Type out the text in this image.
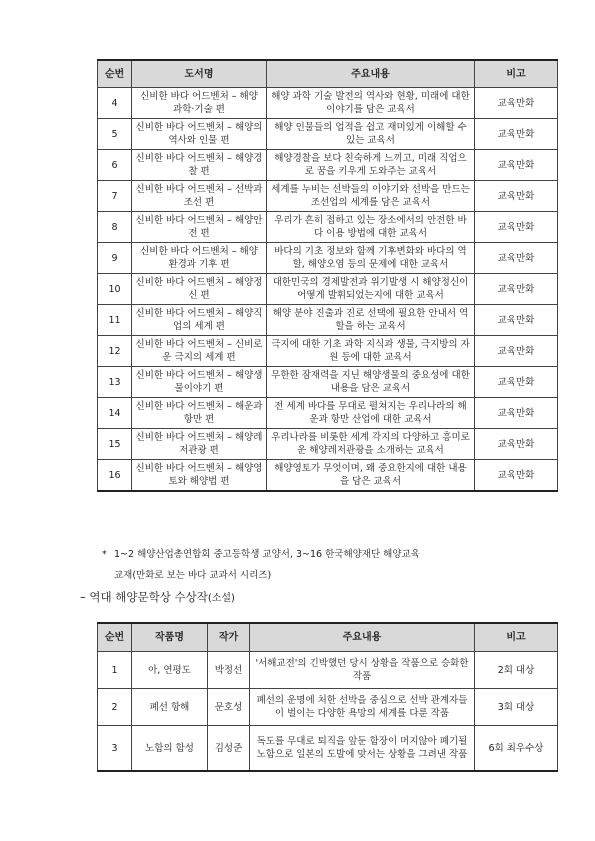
순번	도서명	주요내용	비고
4	신비한 바다 어드벤처 – 해양 과학·기술 편	해양 과학 기술 발전의 역사와 현황, 미래에 대한 이야기를 담은 교육서	교육만화
5	신비한 바다 어드벤처 – 해양의 역사와 인물 편	해양 인물들의 업적을 쉽고 재미있게 이해할 수 있는 교육서	교육만화
6	신비한 바다 어드벤처 – 해양경찰 편	해양경찰을 보다 친숙하게 느끼고, 미래 직업으로 꿈을 키우게 도와주는 교육서	교육만화
7	신비한 바다 어드벤처 – 선박과 조선 편	세계를 누비는 선박들의 이야기와 선박을 만드는 조선업의 세계를 담은 교육서	교육만화
8	신비한 바다 어드벤처 – 해양안전 편	우리가 흔히 접하고 있는 장소에서의 안전한 바다 이용 방법에 대한 교육서	교육만화
9	신비한 바다 어드벤처 – 해양 환경과 기후 편	바다의 기초 정보와 함께 기후변화와 바다의 역할, 해양오염 등의 문제에 대한 교육서	교육만화
10	신비한 바다 어드벤처 – 해양정신 편	대한민국의 경제발전과 위기발생 시 해양정신이 어떻게 발휘되었는지에 대한 교육서	교육만화
11	신비한 바다 어드벤처 – 해양직업의 세계 편	해양 분야 진출과 진로 선택에 필요한 안내서 역할을 하는 교육서	교육만화
12	신비한 바다 어드벤처 – 신비로운 극지의 세계 편	극지에 대한 기초 과학 지식과 생물, 극지방의 자원 등에 대한 교육서	교육만화
13	신비한 바다 어드벤처 – 해양생물이야기 편	무한한 잠재력을 지닌 해양생물의 중요성에 대한 내용을 담은 교육서	교육만화
14	신비한 바다 어드벤처 – 해운과 항만 편	전 세계 바다를 무대로 펼쳐지는 우리나라의 해운과 항만 산업에 대한 교육서	교육만화
15	신비한 바다 어드벤처 – 해양레저관광 편	우리나라를 비롯한 세계 각지의 다양하고 흥미로운 해양레저관광을 소개하는 교육서	교육만화
16	신비한 바다 어드벤처 – 해양영토와 해양법 편	해양영토가 무엇이며, 왜 중요한지에 대한 내용을 담은 교육서	교육만화
* 1~2 해양산업총연합회 중고등학생 교양서, 3~16 한국해양재단 해양교육
교재(만화로 보는 바다 교과서 시리즈)
– 역대 해양문학상 수상작(소설)
순번	작품명	작가	주요내용	비고
1	아, 연평도	박정선	'서해교전'의 긴박했던 당시 상황을 작품으로 승화한 작품	2회 대상
2	폐선 항해	문호성	폐선의 운명에 처한 선박을 중심으로 선박 관계자들이 벌이는 다양한 욕망의 세계를 다룬 작품	3회 대상
3	노함의 함성	김성준	독도를 무대로 퇴직을 앞둔 함장이 머지않아 폐기될 노함으로 일본의 도발에 맞서는 상황을 그려낸 작품	6회 최우수상
